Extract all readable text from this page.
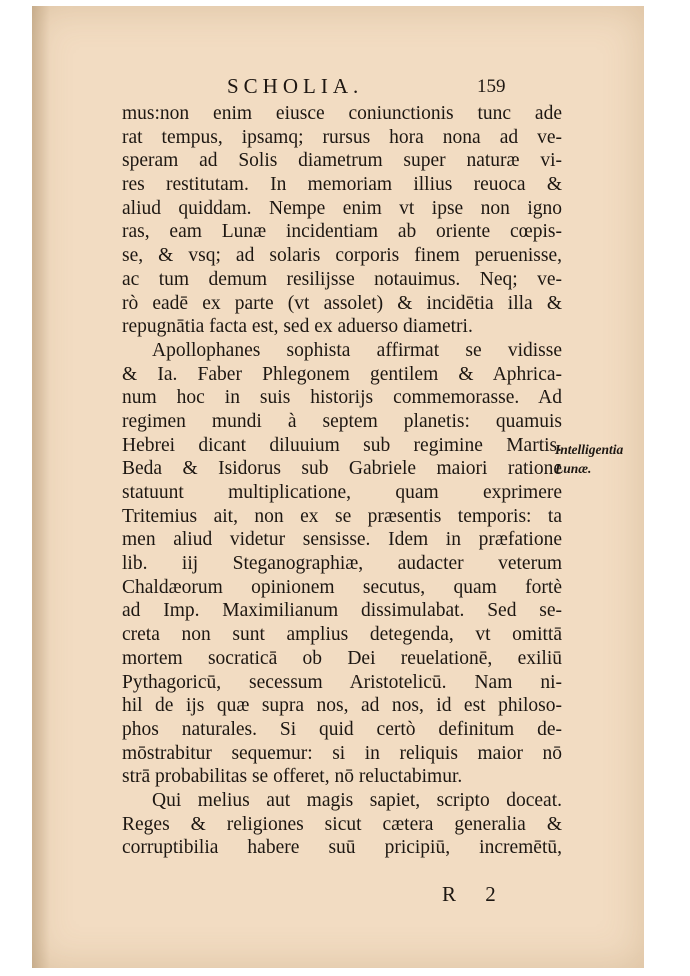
SCHOLIA.	159
mus:non enim eiusce coniunctionis tunc ade
rat tempus, ipsamq; rursus hora nona ad ve-
speram ad Solis diametrum super naturæ vi-
res restitutam. In memoriam illius reuoca &
aliud quiddam. Nempe enim vt ipse non igno
ras, eam Lunæ incidentiam ab oriente cœpis-
se, & vsq; ad solaris corporis finem peruenisse,
ac tum demum resilijsse notauimus. Neq; ve-
rò eadē ex parte (vt assolet) & incidētia illa &
repugnātia facta est, sed ex aduerso diametri.
Apollophanes sophista affirmat se vidisse
& Ia. Faber Phlegonem gentilem & Aphrica-
num hoc in suis historijs commemorasse. Ad
regimen mundi à septem planetis: quamuis
Hebrei dicant diluuium sub regimine Martis.
Beda & Isidorus sub Gabriele maiori ratione
statuunt multiplicatione, quam exprimere
Tritemius ait, non ex se præsentis temporis: ta
men aliud videtur sensisse. Idem in præfatione
lib. iij Steganographiæ, audacter veterum
Chaldæorum opinionem secutus, quam fortè
ad Imp. Maximilianum dissimulabat. Sed se-
creta non sunt amplius detegenda, vt omittā
mortem socraticā ob Dei reuelationē, exiliū
Pythagoricū, secessum Aristotelicū. Nam ni-
hil de ijs quæ supra nos, ad nos, id est philoso-
phos naturales. Si quid certò definitum de-
mōstrabitur sequemur: si in reliquis maior nō
strā probabilitas se offeret, nō reluctabimur.
Qui melius aut magis sapiet, scripto doceat.
Reges & religiones sicut cætera generalia &
corruptibilia habere suū pricipiū, incremētū,
Intelligentia
Lunæ.
R 2
